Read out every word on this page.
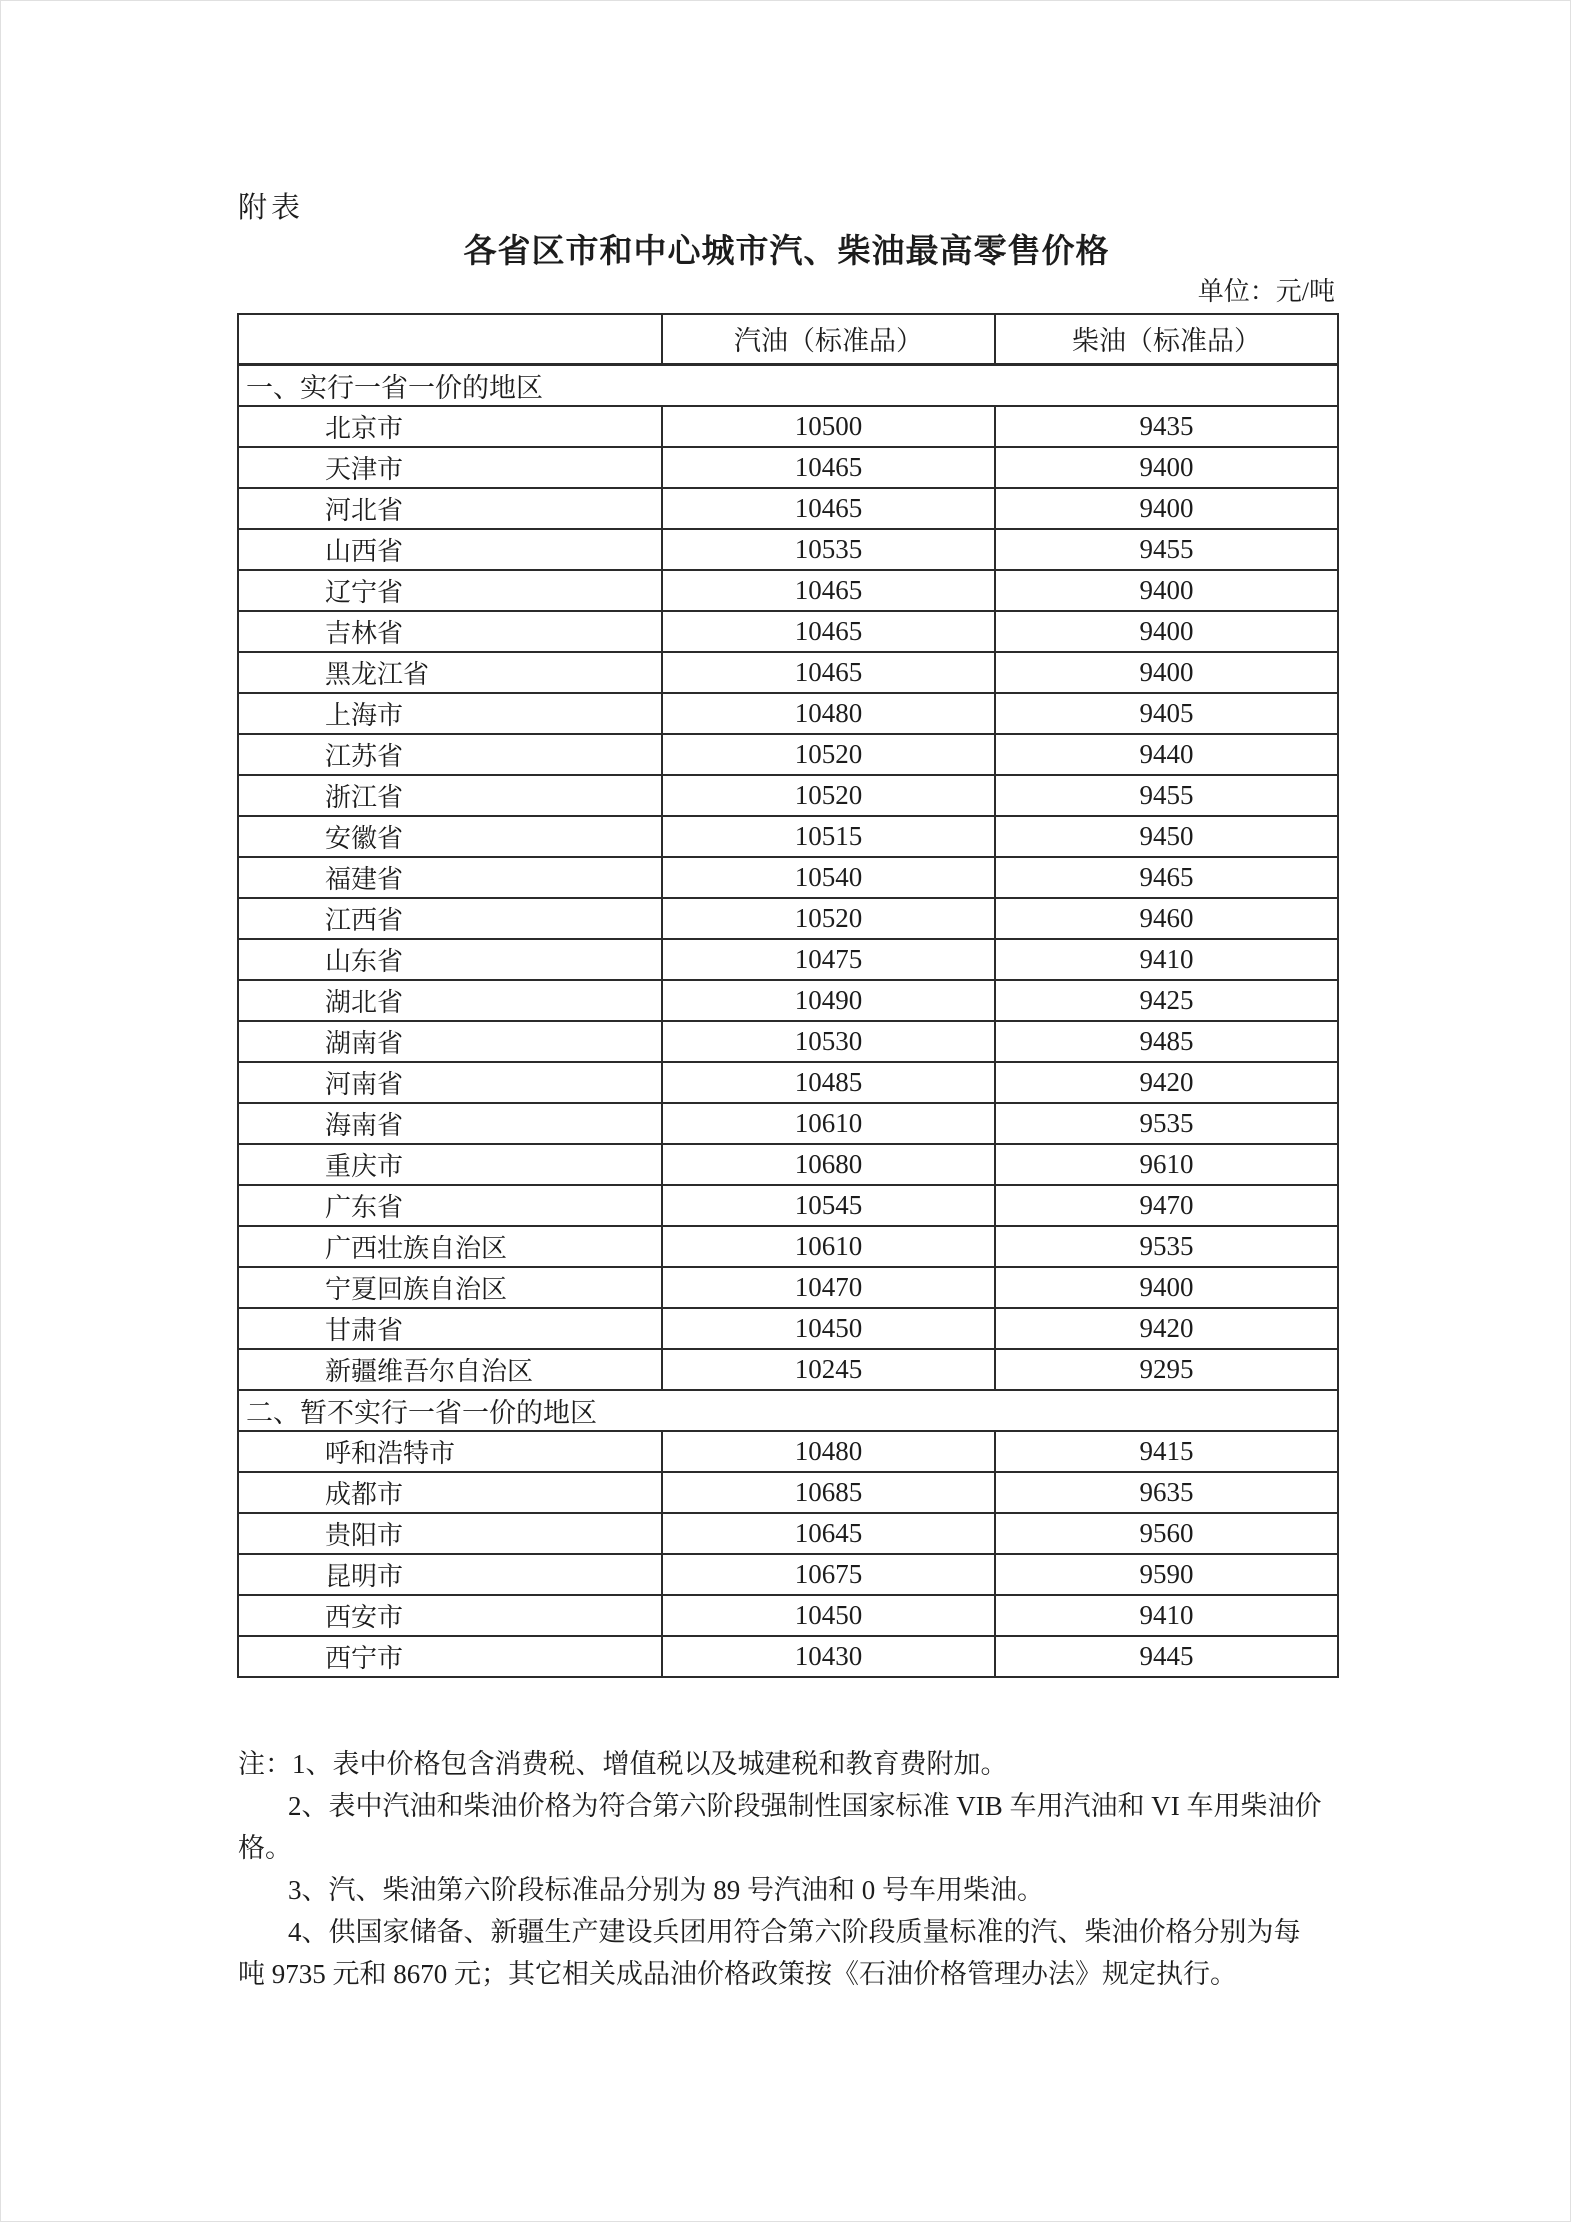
附表
各省区市和中心城市汽、柴油最高零售价格
单位：元/吨
	汽油（标准品）	柴油（标准品）
一、实行一省一价的地区		
北京市	10500	9435
天津市	10465	9400
河北省	10465	9400
山西省	10535	9455
辽宁省	10465	9400
吉林省	10465	9400
黑龙江省	10465	9400
上海市	10480	9405
江苏省	10520	9440
浙江省	10520	9455
安徽省	10515	9450
福建省	10540	9465
江西省	10520	9460
山东省	10475	9410
湖北省	10490	9425
湖南省	10530	9485
河南省	10485	9420
海南省	10610	9535
重庆市	10680	9610
广东省	10545	9470
广西壮族自治区	10610	9535
宁夏回族自治区	10470	9400
甘肃省	10450	9420
新疆维吾尔自治区	10245	9295
二、暂不实行一省一价的地区		
呼和浩特市	10480	9415
成都市	10685	9635
贵阳市	10645	9560
昆明市	10675	9590
西安市	10450	9410
西宁市	10430	9445
注：1、表中价格包含消费税、增值税以及城建税和教育费附加。
2、表中汽油和柴油价格为符合第六阶段强制性国家标准 VIB 车用汽油和 VI 车用柴油价
格。
3、汽、柴油第六阶段标准品分别为 89 号汽油和 0 号车用柴油。
4、供国家储备、新疆生产建设兵团用符合第六阶段质量标准的汽、柴油价格分别为每
吨 9735 元和 8670 元；其它相关成品油价格政策按《石油价格管理办法》规定执行。
